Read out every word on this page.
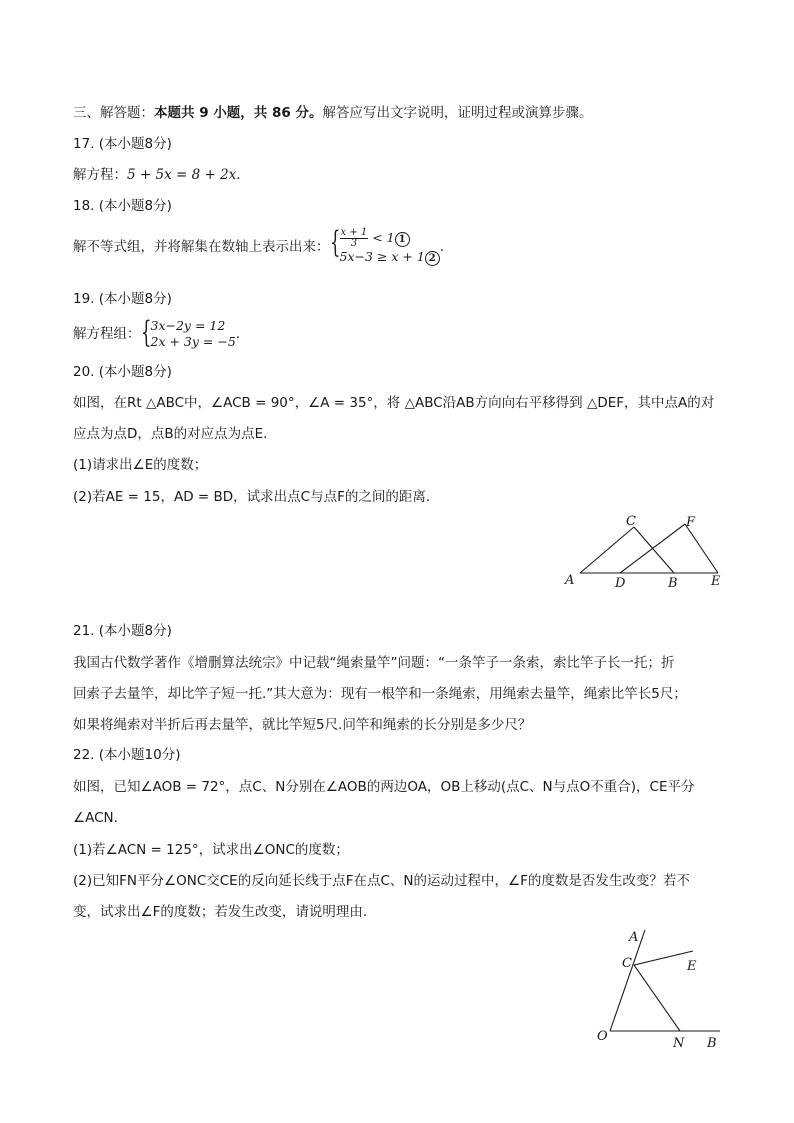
三、解答题：本题共 9 小题，共 86 分。解答应写出文字说明，证明过程或演算步骤。
17. (本小题8分)
解方程：5 + 5x = 8 + 2x.
18. (本小题8分)
解不等式组，并将解集在数轴上表示出来： { $\frac{x + 1}{3} < 1$ 1
5x−3 ≥ x + 1 2
.
19. (本小题8分)
解方程组： { 3x−2y = 12
2x + 3y = −5 .
20. (本小题8分)
如图，在Rt △ABC中，∠ACB = 90°，∠A = 35°，将 △ABC沿AB方向向右平移得到 △DEF，其中点A的对
应点为点D，点B的对应点为点E.
(1)请求出∠E的度数；
(2)若AE = 15，AD = BD，试求出点C与点F的之间的距离.
A	D	B	E
C	F
21. (本小题8分)
我国古代数学著作《增删算法统宗》中记载“绳索量竿”问题：“一条竿子一条索，索比竿子长一托；折
回索子去量竿，却比竿子短一托.”其大意为：现有一根竿和一条绳索，用绳索去量竿，绳索比竿长5尺；
如果将绳索对半折后再去量竿，就比竿短5尺.问竿和绳索的长分别是多少尺？
22. (本小题10分)
如图，已知∠AOB = 72°，点C、N分别在∠AOB的两边OA，OB上移动(点C、N与点O不重合)，CE平分
∠ACN.
(1)若∠ACN = 125°，试求出∠ONC的度数；
(2)已知FN平分∠ONC交CE的反向延长线于点F在点C、N的运动过程中，∠F的度数是否发生改变？若不
变，试求出∠F的度数；若发生改变，请说明理由.
A
C	E
O	N B
